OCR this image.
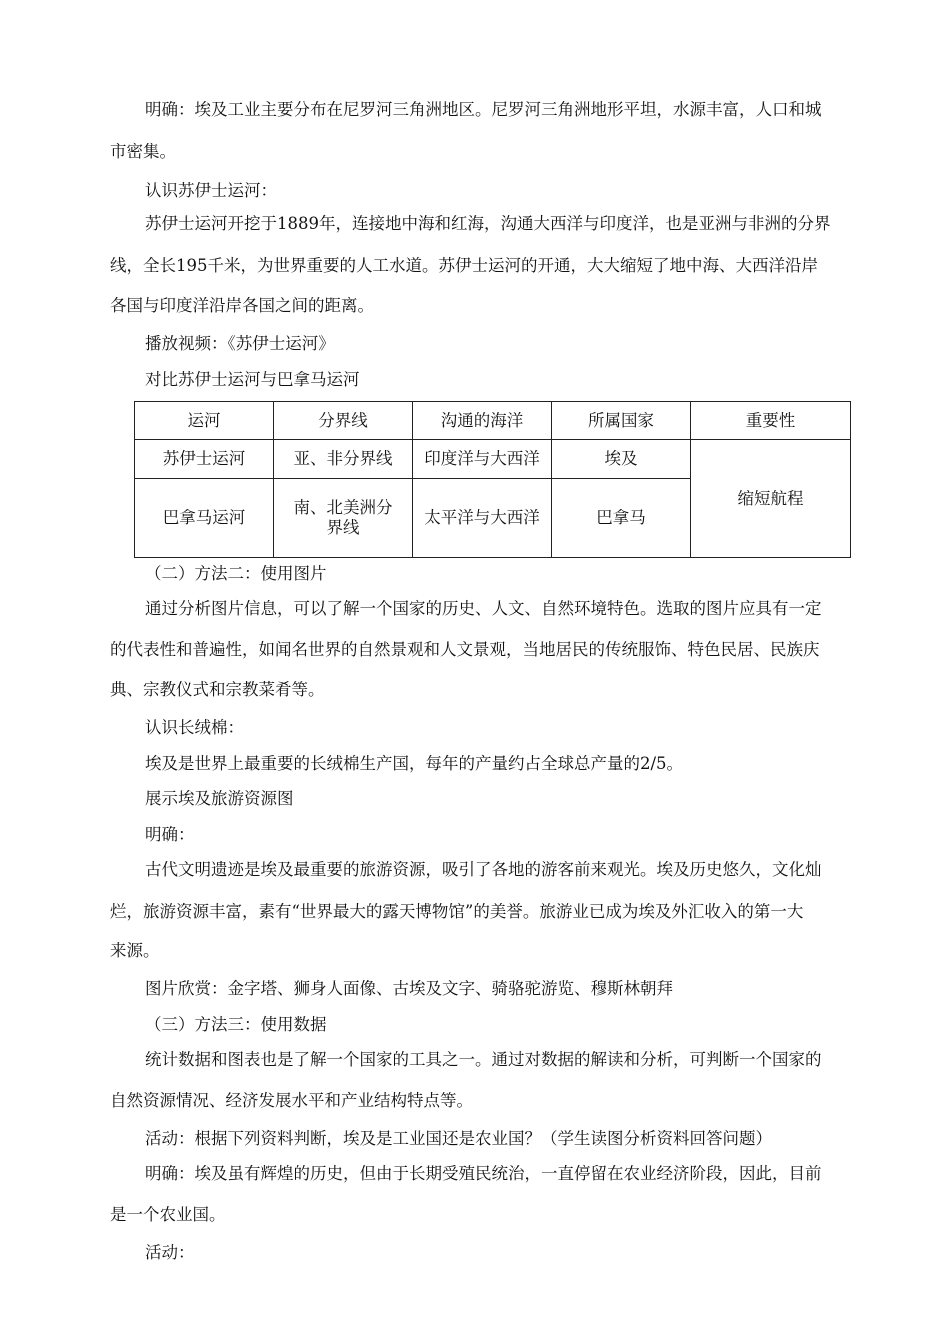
明确：埃及工业主要分布在尼罗河三角洲地区。尼罗河三角洲地形平坦，水源丰富，人口和城
市密集。
认识苏伊士运河：
苏伊士运河开挖于1889年，连接地中海和红海，沟通大西洋与印度洋，也是亚洲与非洲的分界
线，全长195千米，为世界重要的人工水道。苏伊士运河的开通，大大缩短了地中海、大西洋沿岸
各国与印度洋沿岸各国之间的距离。
播放视频：《苏伊士运河》
对比苏伊士运河与巴拿马运河
运河	分界线	沟通的海洋	所属国家	重要性
苏伊士运河	亚、非分界线	印度洋与大西洋	埃及	缩短航程
巴拿马运河	南、北美洲分界线	太平洋与大西洋	巴拿马	
（二）方法二：使用图片
通过分析图片信息，可以了解一个国家的历史、人文、自然环境特色。选取的图片应具有一定
的代表性和普遍性，如闻名世界的自然景观和人文景观，当地居民的传统服饰、特色民居、民族庆
典、宗教仪式和宗教菜肴等。
认识长绒棉：
埃及是世界上最重要的长绒棉生产国，每年的产量约占全球总产量的2/5。
展示埃及旅游资源图
明确：
古代文明遗迹是埃及最重要的旅游资源，吸引了各地的游客前来观光。埃及历史悠久，文化灿
烂，旅游资源丰富，素有“世界最大的露天博物馆”的美誉。旅游业已成为埃及外汇收入的第一大
来源。
图片欣赏：金字塔、狮身人面像、古埃及文字、骑骆驼游览、穆斯林朝拜
（三）方法三：使用数据
统计数据和图表也是了解一个国家的工具之一。通过对数据的解读和分析，可判断一个国家的
自然资源情况、经济发展水平和产业结构特点等。
活动：根据下列资料判断，埃及是工业国还是农业国？（学生读图分析资料回答问题）
明确：埃及虽有辉煌的历史，但由于长期受殖民统治，一直停留在农业经济阶段，因此，目前
是一个农业国。
活动：
